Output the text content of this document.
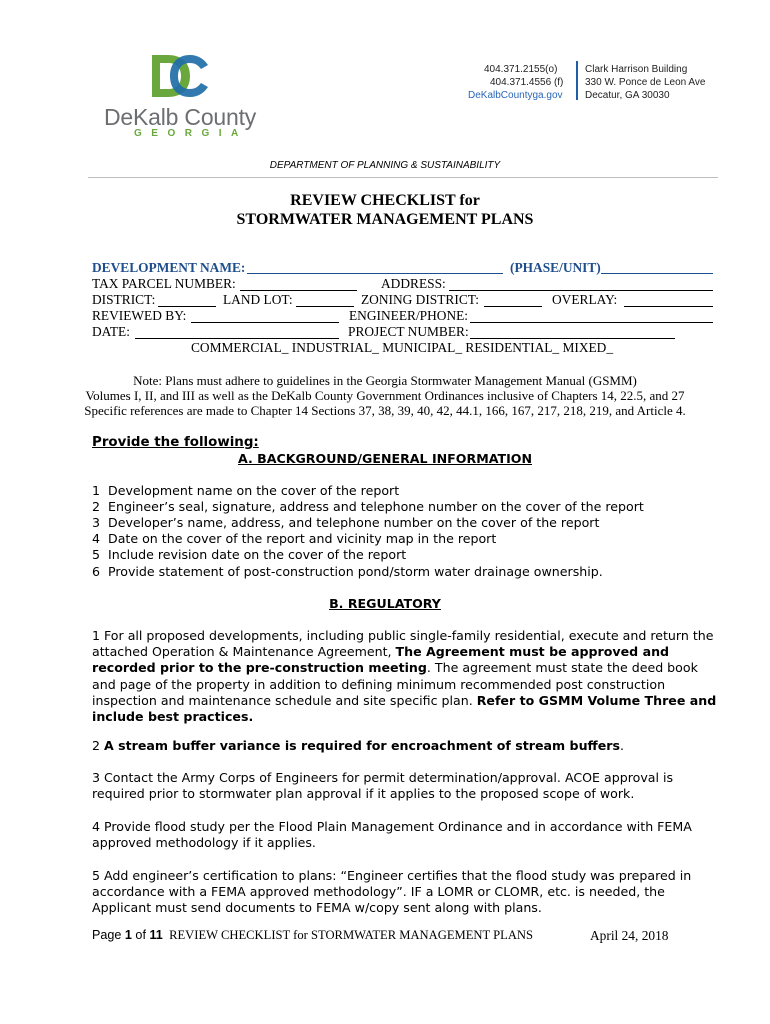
DeKalb County
GEORGIA
404.371.2155(o)
404.371.4556 (f)
DeKalbCountyga.gov
Clark Harrison Building
330 W. Ponce de Leon Ave
Decatur, GA 30030
DEPARTMENT OF PLANNING & SUSTAINABILITY
REVIEW CHECKLIST for
STORMWATER MANAGEMENT PLANS
DEVELOPMENT NAME:	(PHASE/UNIT)
TAX PARCEL NUMBER:	ADDRESS:
DISTRICT:	LAND LOT:	ZONING DISTRICT:	OVERLAY:
REVIEWED BY:	ENGINEER/PHONE:
DATE:	PROJECT NUMBER:
COMMERCIAL_ INDUSTRIAL_ MUNICIPAL_ RESIDENTIAL_ MIXED_
Note: Plans must adhere to guidelines in the Georgia Stormwater Management Manual (GSMM)
Volumes I, II, and III as well as the DeKalb County Government Ordinances inclusive of Chapters 14, 22.5, and 27
Specific references are made to Chapter 14 Sections 37, 38, 39, 40, 42, 44.1, 166, 167, 217, 218, 219, and Article 4.
Provide the following:
A. BACKGROUND/GENERAL INFORMATION
1 Development name on the cover of the report
2 Engineer’s seal, signature, address and telephone number on the cover of the report
3 Developer’s name, address, and telephone number on the cover of the report
4 Date on the cover of the report and vicinity map in the report
5 Include revision date on the cover of the report
6 Provide statement of post-construction pond/storm water drainage ownership.
B. REGULATORY
1 For all proposed developments, including public single-family residential, execute and return the attached Operation & Maintenance Agreement, The Agreement must be approved and recorded prior to the pre-construction meeting. The agreement must state the deed book and page of the property in addition to defining minimum recommended post construction inspection and maintenance schedule and site specific plan. Refer to GSMM Volume Three and include best practices.
2 A stream buffer variance is required for encroachment of stream buffers.
3 Contact the Army Corps of Engineers for permit determination/approval. ACOE approval is required prior to stormwater plan approval if it applies to the proposed scope of work.
4 Provide flood study per the Flood Plain Management Ordinance and in accordance with FEMA approved methodology if it applies.
5 Add engineer’s certification to plans: “Engineer certifies that the flood study was prepared in accordance with a FEMA approved methodology”. IF a LOMR or CLOMR, etc. is needed, the Applicant must send documents to FEMA w/copy sent along with plans.
Page 1 of 11  REVIEW CHECKLIST for STORMWATER MANAGEMENT PLANS	April 24, 2018
